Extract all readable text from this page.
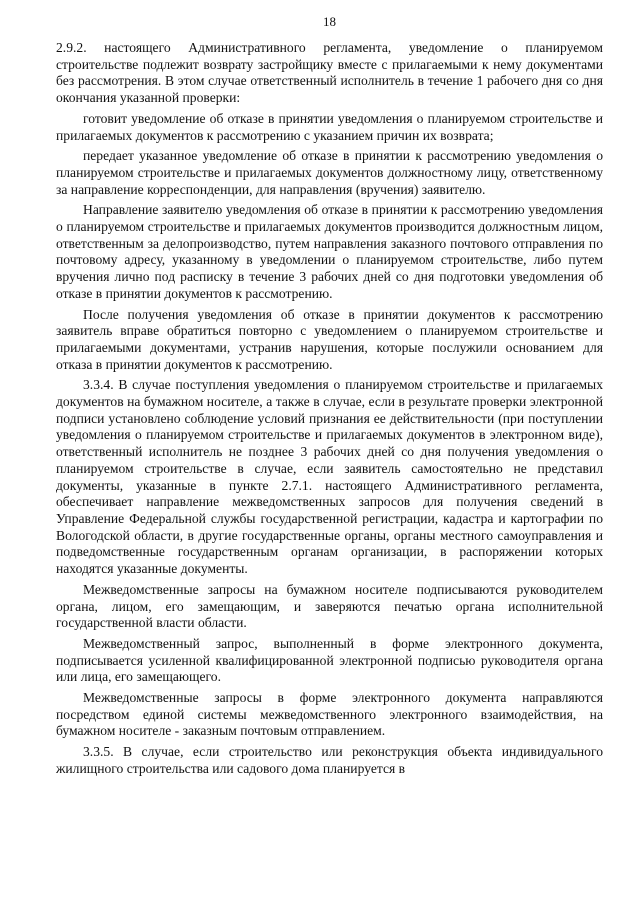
18

2.9.2. настоящего Административного регламента, уведомление о планируемом строительстве подлежит возврату застройщику вместе с прилагаемыми к нему документами без рассмотрения. В этом случае ответственный исполнитель в течение 1 рабочего дня со дня окончания указанной проверки:

готовит уведомление об отказе в принятии уведомления о планируемом строительстве и прилагаемых документов к рассмотрению с указанием причин их возврата;

передает указанное уведомление об отказе в принятии к рассмотрению уведомления о планируемом строительстве и прилагаемых документов должностному лицу, ответственному за направление корреспонденции, для направления (вручения) заявителю.

Направление заявителю уведомления об отказе в принятии к рассмотрению уведомления о планируемом строительстве и прилагаемых документов производится должностным лицом, ответственным за делопроизводство, путем направления заказного почтового отправления по почтовому адресу, указанному в уведомлении о планируемом строительстве, либо путем вручения лично под расписку в течение 3 рабочих дней со дня подготовки уведомления об отказе в принятии документов к рассмотрению.

После получения уведомления об отказе в принятии документов к рассмотрению заявитель вправе обратиться повторно с уведомлением о планируемом строительстве и прилагаемыми документами, устранив нарушения, которые послужили основанием для отказа в принятии документов к рассмотрению.

3.3.4. В случае поступления уведомления о планируемом строительстве и прилагаемых документов на бумажном носителе, а также в случае, если в результате проверки электронной подписи установлено соблюдение условий признания ее действительности (при поступлении уведомления о планируемом строительстве и прилагаемых документов в электронном виде), ответственный исполнитель не позднее 3 рабочих дней со дня получения уведомления о планируемом строительстве в случае, если заявитель самостоятельно не представил документы, указанные в пункте 2.7.1. настоящего Административного регламента, обеспечивает направление межведомственных запросов для получения сведений в Управление Федеральной службы государственной регистрации, кадастра и картографии по Вологодской области, в другие государственные органы, органы местного самоуправления и подведомственные государственным органам организации, в распоряжении которых находятся указанные документы.

Межведомственные запросы на бумажном носителе подписываются руководителем органа, лицом, его замещающим, и заверяются печатью органа исполнительной государственной власти области.

Межведомственный запрос, выполненный в форме электронного документа, подписывается усиленной квалифицированной электронной подписью руководителя органа или лица, его замещающего.

Межведомственные запросы в форме электронного документа направляются посредством единой системы межведомственного электронного взаимодействия, на бумажном носителе - заказным почтовым отправлением.

3.3.5. В случае, если строительство или реконструкция объекта индивидуального жилищного строительства или садового дома планируется в
